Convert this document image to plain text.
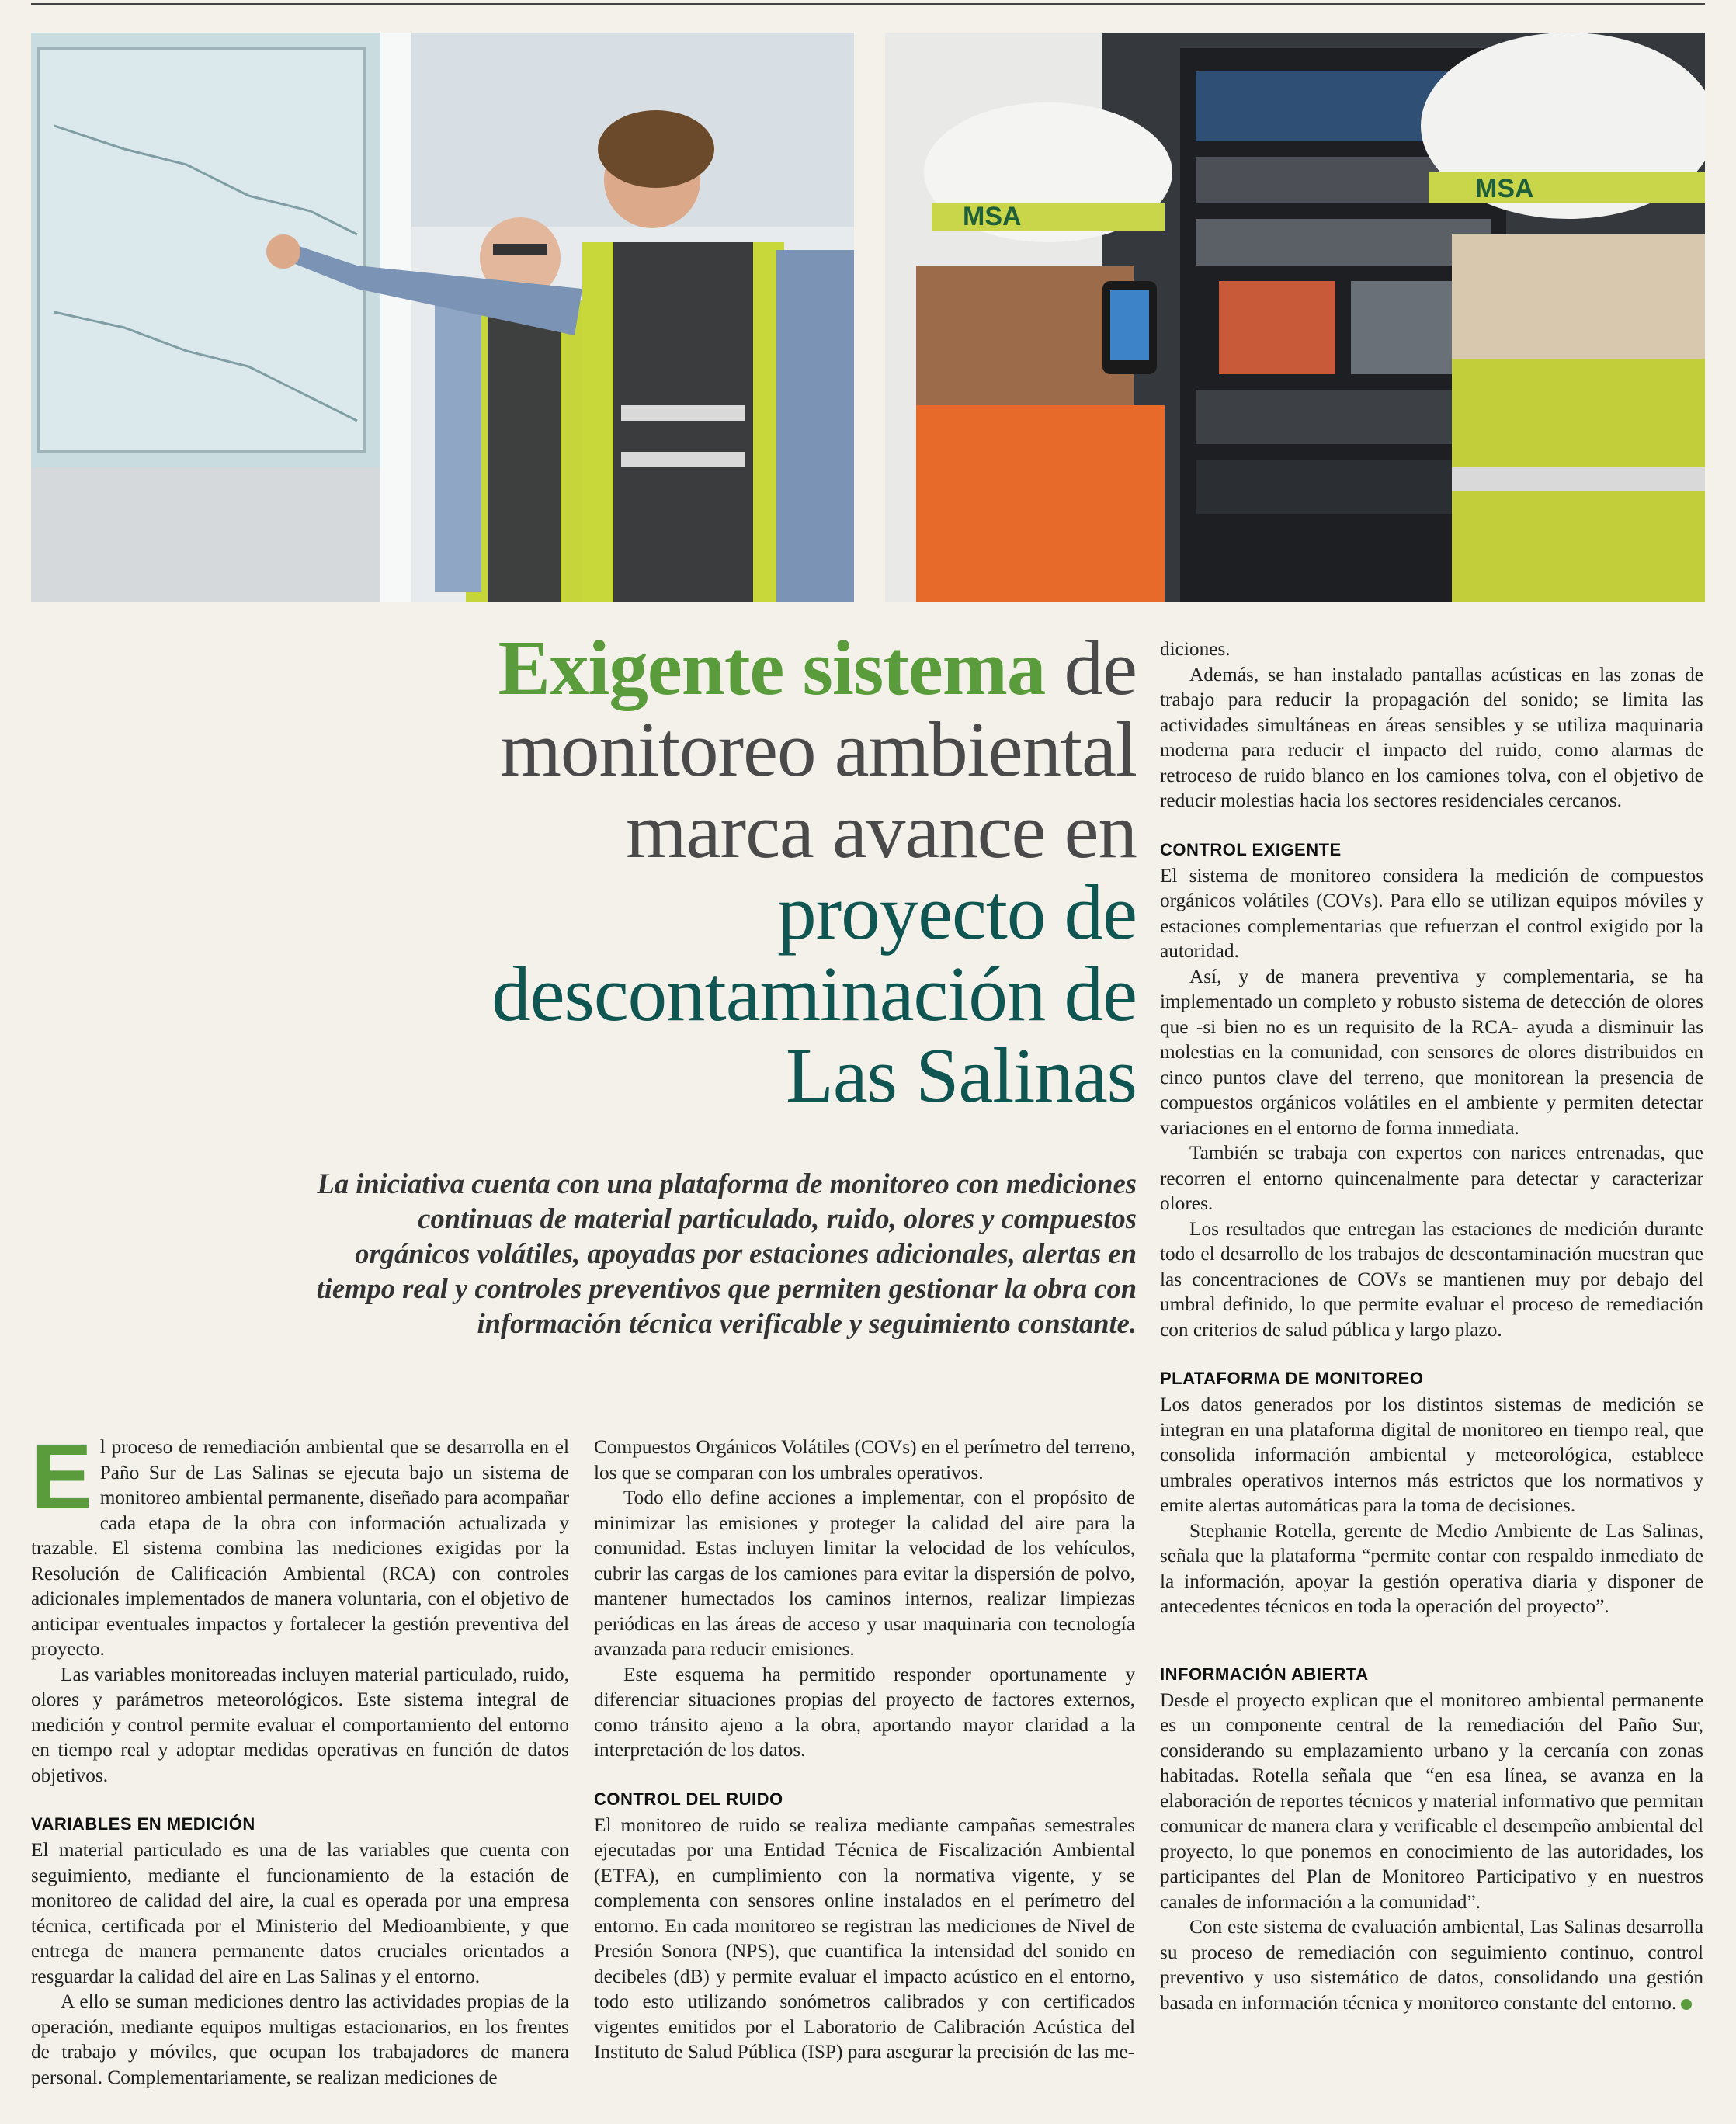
MSA
MSA
Exigente sistema de monitoreo ambiental marca avance en proyecto de descontaminación de Las Salinas

La iniciativa cuenta con una plataforma de monitoreo con mediciones continuas de material particulado, ruido, olores y compuestos orgánicos volátiles, apoyadas por estaciones adicionales, alertas en tiempo real y controles preventivos que permiten gestionar la obra con información técnica verificable y seguimiento constante.

El proceso de remediación ambiental que se desarrolla en el Paño Sur de Las Salinas se ejecuta bajo un sistema de monitoreo ambiental permanente, diseñado para acompañar cada etapa de la obra con información actualizada y trazable. El sistema combina las mediciones exigidas por la Resolución de Calificación Ambiental (RCA) con controles adicionales implementados de manera voluntaria, con el objetivo de anticipar eventuales impactos y fortalecer la gestión preventiva del proyecto.

Las variables monitoreadas incluyen material particulado, ruido, olores y parámetros meteorológicos. Este sistema integral de medición y control permite evaluar el comportamiento del entorno en tiempo real y adoptar medidas operativas en función de datos objetivos.

VARIABLES EN MEDICIÓN

El material particulado es una de las variables que cuenta con seguimiento, mediante el funcionamiento de la estación de monitoreo de calidad del aire, la cual es operada por una empresa técnica, certificada por el Ministerio del Medioambiente, y que entrega de manera permanente datos cruciales orientados a resguardar la calidad del aire en Las Salinas y el entorno.

A ello se suman mediciones dentro las actividades propias de la operación, mediante equipos multigas estacionarios, en los frentes de trabajo y móviles, que ocupan los trabajadores de manera personal. Complementariamente, se realizan mediciones de

Compuestos Orgánicos Volátiles (COVs) en el perímetro del terreno, los que se comparan con los umbrales operativos.

Todo ello define acciones a implementar, con el propósito de minimizar las emisiones y proteger la calidad del aire para la comunidad. Estas incluyen limitar la velocidad de los vehículos, cubrir las cargas de los camiones para evitar la dispersión de polvo, mantener humectados los caminos internos, realizar limpiezas periódicas en las áreas de acceso y usar maquinaria con tecnología avanzada para reducir emisiones.

Este esquema ha permitido responder oportunamente y diferenciar situaciones propias del proyecto de factores externos, como tránsito ajeno a la obra, aportando mayor claridad a la interpretación de los datos.

CONTROL DEL RUIDO

El monitoreo de ruido se realiza mediante campañas semestrales ejecutadas por una Entidad Técnica de Fiscalización Ambiental (ETFA), en cumplimiento con la normativa vigente, y se complementa con sensores online instalados en el perímetro del entorno. En cada monitoreo se registran las mediciones de Nivel de Presión Sonora (NPS), que cuantifica la intensidad del sonido en decibeles (dB) y permite evaluar el impacto acústico en el entorno, todo esto utilizando sonómetros calibrados y con certificados vigentes emitidos por el Laboratorio de Calibración Acústica del Instituto de Salud Pública (ISP) para asegurar la precisión de las me-

diciones.

Además, se han instalado pantallas acústicas en las zonas de trabajo para reducir la propagación del sonido; se limita las actividades simultáneas en áreas sensibles y se utiliza maquinaria moderna para reducir el impacto del ruido, como alarmas de retroceso de ruido blanco en los camiones tolva, con el objetivo de reducir molestias hacia los sectores residenciales cercanos.

CONTROL EXIGENTE

El sistema de monitoreo considera la medición de compuestos orgánicos volátiles (COVs). Para ello se utilizan equipos móviles y estaciones complementarias que refuerzan el control exigido por la autoridad.

Así, y de manera preventiva y complementaria, se ha implementado un completo y robusto sistema de detección de olores que -si bien no es un requisito de la RCA- ayuda a disminuir las molestias en la comunidad, con sensores de olores distribuidos en cinco puntos clave del terreno, que monitorean la presencia de compuestos orgánicos volátiles en el ambiente y permiten detectar variaciones en el entorno de forma inmediata.

También se trabaja con expertos con narices entrenadas, que recorren el entorno quincenalmente para detectar y caracterizar olores.

Los resultados que entregan las estaciones de medición durante todo el desarrollo de los trabajos de descontaminación muestran que las concentraciones de COVs se mantienen muy por debajo del umbral definido, lo que permite evaluar el proceso de remediación con criterios de salud pública y largo plazo.

PLATAFORMA DE MONITOREO

Los datos generados por los distintos sistemas de medición se integran en una plataforma digital de monitoreo en tiempo real, que consolida información ambiental y meteorológica, establece umbrales operativos internos más estrictos que los normativos y emite alertas automáticas para la toma de decisiones.

Stephanie Rotella, gerente de Medio Ambiente de Las Salinas, señala que la plataforma “permite contar con respaldo inmediato de la información, apoyar la gestión operativa diaria y disponer de antecedentes técnicos en toda la operación del proyecto”.

INFORMACIÓN ABIERTA

Desde el proyecto explican que el monitoreo ambiental permanente es un componente central de la remediación del Paño Sur, considerando su emplazamiento urbano y la cercanía con zonas habitadas. Rotella señala que “en esa línea, se avanza en la elaboración de reportes técnicos y material informativo que permitan comunicar de manera clara y verificable el desempeño ambiental del proyecto, lo que ponemos en conocimiento de las autoridades, los participantes del Plan de Monitoreo Participativo y en nuestros canales de información a la comunidad”.

Con este sistema de evaluación ambiental, Las Salinas desarrolla su proceso de remediación con seguimiento continuo, control preventivo y uso sistemático de datos, consolidando una gestión basada en información técnica y monitoreo constante del entorno.
